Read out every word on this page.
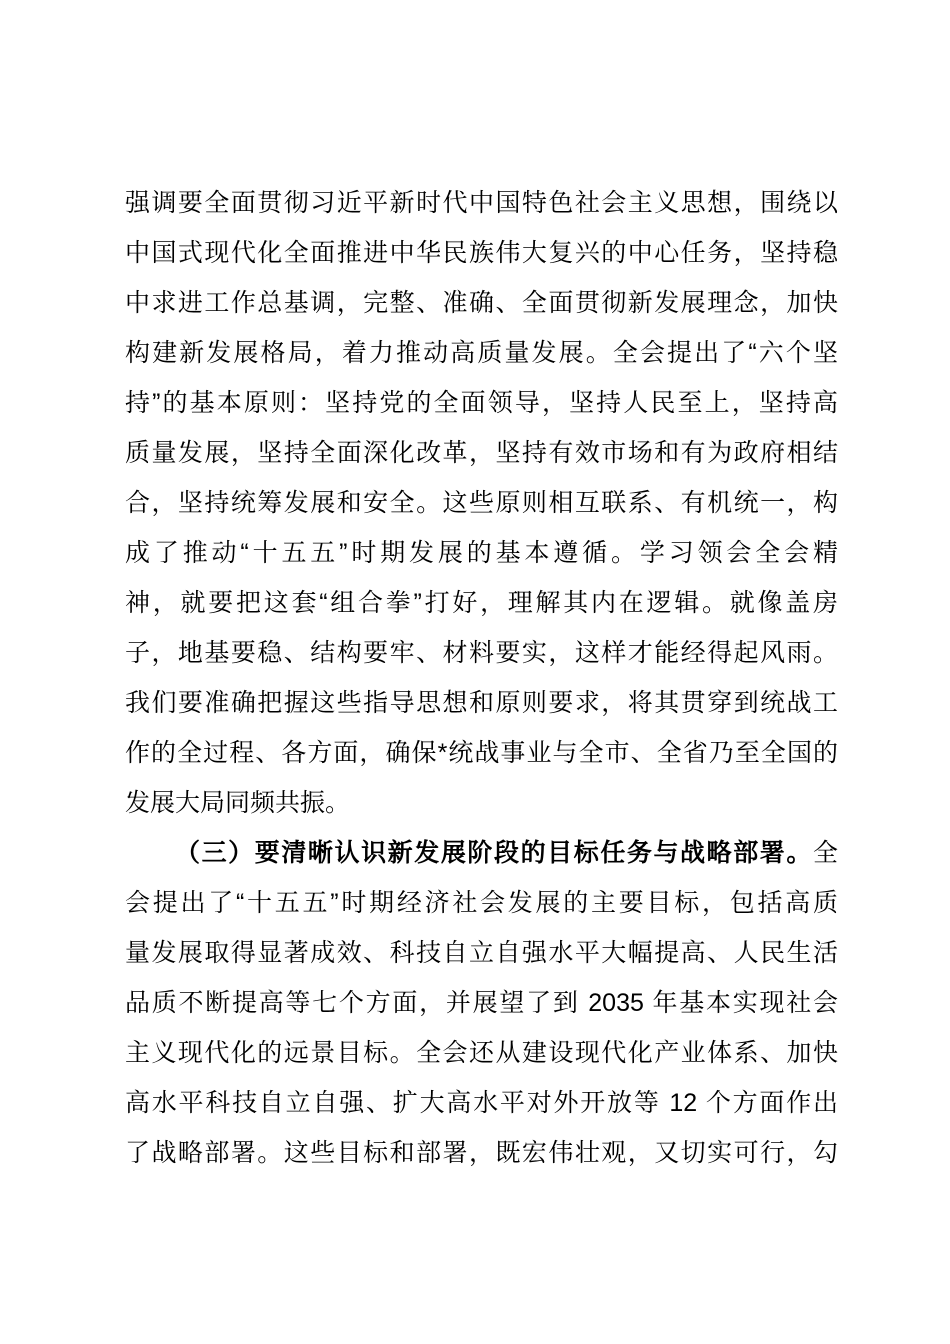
强调要全面贯彻习近平新时代中国特色社会主义思想，围绕以
中国式现代化全面推进中华民族伟大复兴的中心任务，坚持稳
中求进工作总基调，完整、准确、全面贯彻新发展理念，加快
构建新发展格局，着力推动高质量发展。全会提出了“六个坚
持”的基本原则：坚持党的全面领导，坚持人民至上，坚持高
质量发展，坚持全面深化改革，坚持有效市场和有为政府相结
合，坚持统筹发展和安全。这些原则相互联系、有机统一，构
成了推动“十五五”时期发展的基本遵循。学习领会全会精
神，就要把这套“组合拳”打好，理解其内在逻辑。就像盖房
子，地基要稳、结构要牢、材料要实，这样才能经得起风雨。
我们要准确把握这些指导思想和原则要求，将其贯穿到统战工
作的全过程、各方面，确保*统战事业与全市、全省乃至全国的
发展大局同频共振。
（三）要清晰认识新发展阶段的目标任务与战略部署。全
会提出了“十五五”时期经济社会发展的主要目标，包括高质
量发展取得显著成效、科技自立自强水平大幅提高、人民生活
品质不断提高等七个方面，并展望了到 2035 年基本实现社会
主义现代化的远景目标。全会还从建设现代化产业体系、加快
高水平科技自立自强、扩大高水平对外开放等 12 个方面作出
了战略部署。这些目标和部署，既宏伟壮观，又切实可行，勾
